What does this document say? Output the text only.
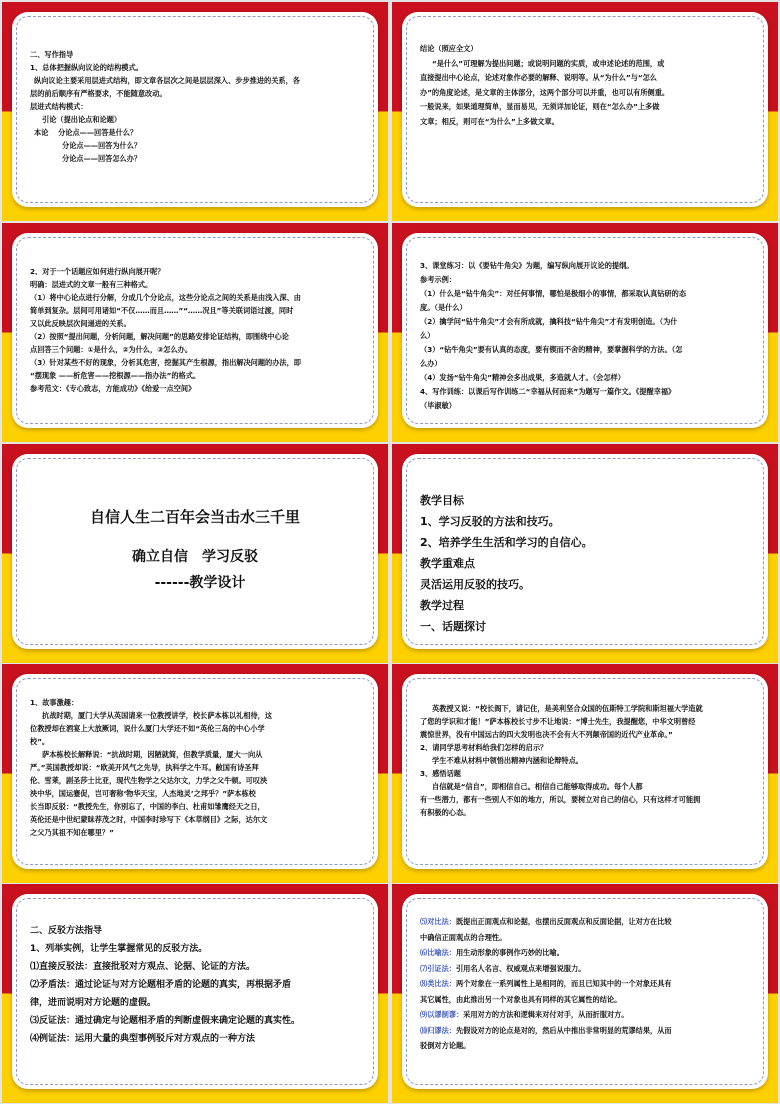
二、写作指导

1、总体把握纵向议论的结构模式。

纵向议论主要采用层进式结构，即文章各层次之间是层层深入、步步推进的关系，各

层的前后顺序有严格要求，不能随意改动。

层进式结构模式：

引论（提出论点和论题）

本论　 分论点——回答是什么？

分论点——回答为什么？

分论点——回答怎么办？

结论（照应全文）

“是什么”可理解为提出问题；或说明问题的实质，或申述论述的范围，或

直接提出中心论点，论述对象作必要的解释、说明等。从“为什么”与“怎么

办”的角度论述，是文章的主体部分，这两个部分可以并重，也可以有所侧重。

一般说来，如果道理简单，显而易见，无须详加论证，则在“怎么办”上多做

文章；相反，则可在“为什么”上多做文章。

2、对于一个话题应如何进行纵向展开呢？

明确：层进式的文章一般有三种格式。

（1）将中心论点进行分解，分成几个分论点，这些分论点之间的关系是由浅入深、由

简单到复杂。层间可用诸如“不仅……而且……”“……况且”等关联词语过渡，同时

又以此反映层次间递进的关系。

（2）按照“提出问题，分析问题，解决问题”的思路安排论证结构，即围绕中心论

点回答三个问题：①是什么，②为什么，③怎么办。

（3）针对某些不好的现象，分析其危害，挖掘其产生根源，指出解决问题的办法，即

“摆现象 ——析危害——挖根源——指办法”的格式。

参考范文：《专心致志，方能成功》《给爱一点空间》

3、课堂练习：以《要钻牛角尖》为题，编写纵向展开议论的提纲。

参考示例：

（1）什么是“钻牛角尖”：对任何事情，哪怕是极细小的事情，都采取认真钻研的态

度。（是什么）

（2）擒学问“钻牛角尖”才会有所成就，擒科技“钻牛角尖”才有发明创造。（为什

么）

（3）“钻牛角尖”要有认真的态度，要有锲而不舍的精神，要掌握科学的方法。（怎

么办）

（4）发扬“钻牛角尖”精神会多出成果，多造就人才。（会怎样）

4、写作训练：以课后写作训练二“幸福从何而来”为题写一篇作文。《提醒幸福》

（毕淑敏）

自信人生二百年会当击水三千里
确立自信　学习反驳
------教学设计

教学目标

1、学习反驳的方法和技巧。

2、培养学生生活和学习的自信心。

教学重难点

灵活运用反驳的技巧。

教学过程

一、话题探讨

1、故事激趣：

抗战时期，厦门大学从英国请来一位教授讲学，校长萨本栋以礼相待，这

位教授却在酒宴上大放厥词，说什么厦门大学还不如“英伦三岛的中心小学

校”。

萨本栋校长解释说：“抗战时期，因陋就简，但教学质量，厦大一向从

严。”英国教授却说：“欧美开风气之先导，执科学之牛耳。敝国有诗圣拜

伦、雪莱，剧圣莎士比亚，现代生物学之父达尔文，力学之父牛顿。可叹泱

泱中华，国运蹇促，岂可奢称‘物华天宝，人杰地灵’之邦乎？”萨本栋校

长当即反驳：“教授先生，你别忘了，中国的李白、杜甫如雏鹰经天之日，

英伦还是中世纪蒙昧荐茂之时，中国李时珍写下《本草纲目》之际，达尔文

之父乃其祖不知在哪里？”

英教授又说：“校长阁下，请记住，是美利坚合众国的伍斯特工学院和斯坦福大学造就

了您的学识和才能！”萨本栋校长寸步不让地说：“博士先生，我提醒您，中华文明曾经

震惊世界，没有中国远古的四大发明也决不会有大不列颠帝国的近代产业革命。”

2、请同学思考材料给我们怎样的启示？

学生不难从材料中领悟出精神内涵和论辩特点。

3、感悟话题

自信就是“信自”，即相信自己。相信自己能够取得成功。每个人都

有一些潜力，都有一些别人不如的地方，所以，要树立对自己的信心，只有这样才可能拥

有积极的心态。

二、反驳方法指导

1、列举实例，让学生掌握常见的反驳方法。

⑴直接反驳法：直接批驳对方观点、论据、论证的方法。

⑵矛盾法：通过论证与对方论题相矛盾的论题的真实，再根据矛盾

律，进而说明对方论题的虚假。

⑶反证法：通过确定与论题相矛盾的判断虚假来确定论题的真实性。

⑷例证法：运用大量的典型事例驳斥对方观点的一种方法

⑸对比法：既提出正面观点和论据，也摆出反面观点和反面论据，让对方在比较

中确信正面观点的合理性。

⑹比喻法：用生动形象的事例作巧妙的比喻。

⑺引证法：引用名人名言、权威观点来增强说服力。

⑻类比法：两个对象在一系列属性上是相同的，而且已知其中的一个对象还具有

其它属性，由此推出另一个对象也具有同样的其它属性的结论。

⑼以谬制谬：采用对方的方法和逻辑来对付对手，从而折服对方。

⑽归谬法：先假设对方的论点是对的，然后从中推出非常明显的荒谬结果，从而

驳倒对方论题。
